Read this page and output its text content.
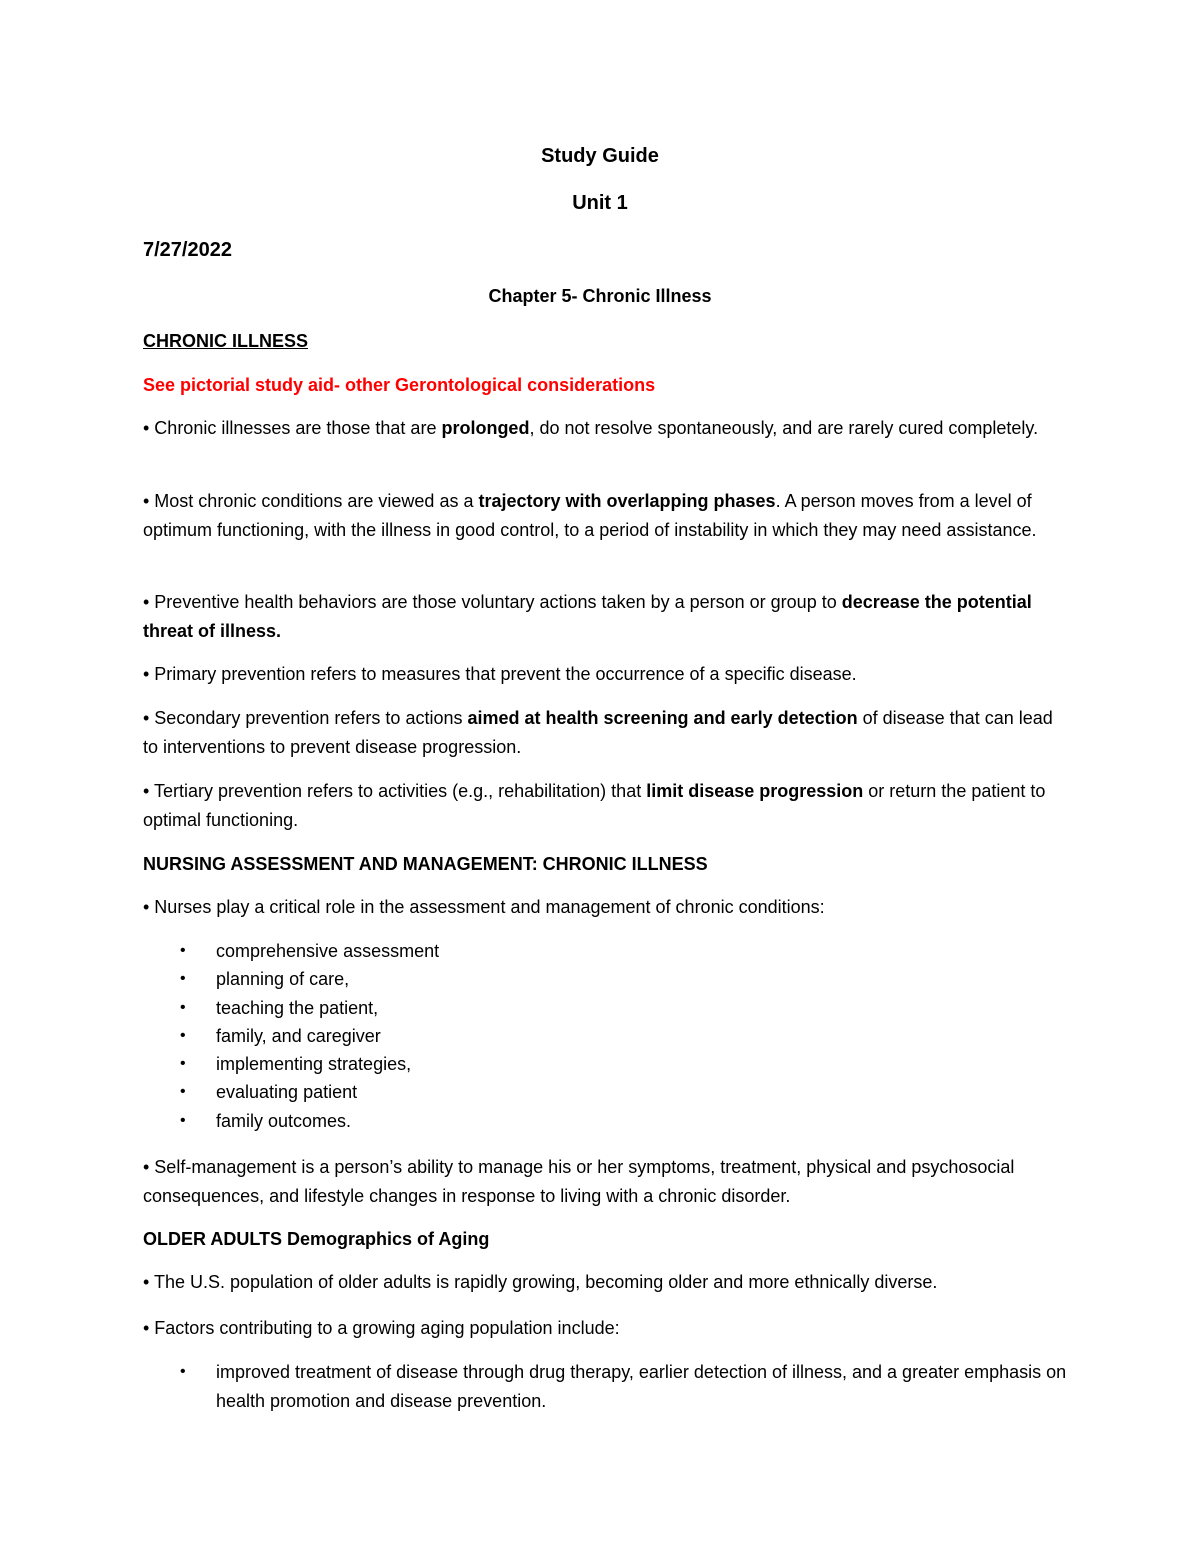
Study Guide
Unit 1
7/27/2022
Chapter 5- Chronic Illness
CHRONIC ILLNESS
See pictorial study aid- other Gerontological considerations
• Chronic illnesses are those that are prolonged, do not resolve spontaneously, and are rarely cured completely.
• Most chronic conditions are viewed as a trajectory with overlapping phases. A person moves from a level of optimum functioning, with the illness in good control, to a period of instability in which they may need assistance.
• Preventive health behaviors are those voluntary actions taken by a person or group to decrease the potential threat of illness.
• Primary prevention refers to measures that prevent the occurrence of a specific disease.
• Secondary prevention refers to actions aimed at health screening and early detection of disease that can lead to interventions to prevent disease progression.
• Tertiary prevention refers to activities (e.g., rehabilitation) that limit disease progression or return the patient to optimal functioning.
NURSING ASSESSMENT AND MANAGEMENT: CHRONIC ILLNESS
• Nurses play a critical role in the assessment and management of chronic conditions:
• comprehensive assessment
• planning of care,
• teaching the patient,
• family, and caregiver
• implementing strategies,
• evaluating patient
• family outcomes.
• Self-management is a person’s ability to manage his or her symptoms, treatment, physical and psychosocial consequences, and lifestyle changes in response to living with a chronic disorder.
OLDER ADULTS Demographics of Aging
• The U.S. population of older adults is rapidly growing, becoming older and more ethnically diverse.
• Factors contributing to a growing aging population include:
•	improved treatment of disease through drug therapy, earlier detection of illness, and a greater emphasis on health promotion and disease prevention.
